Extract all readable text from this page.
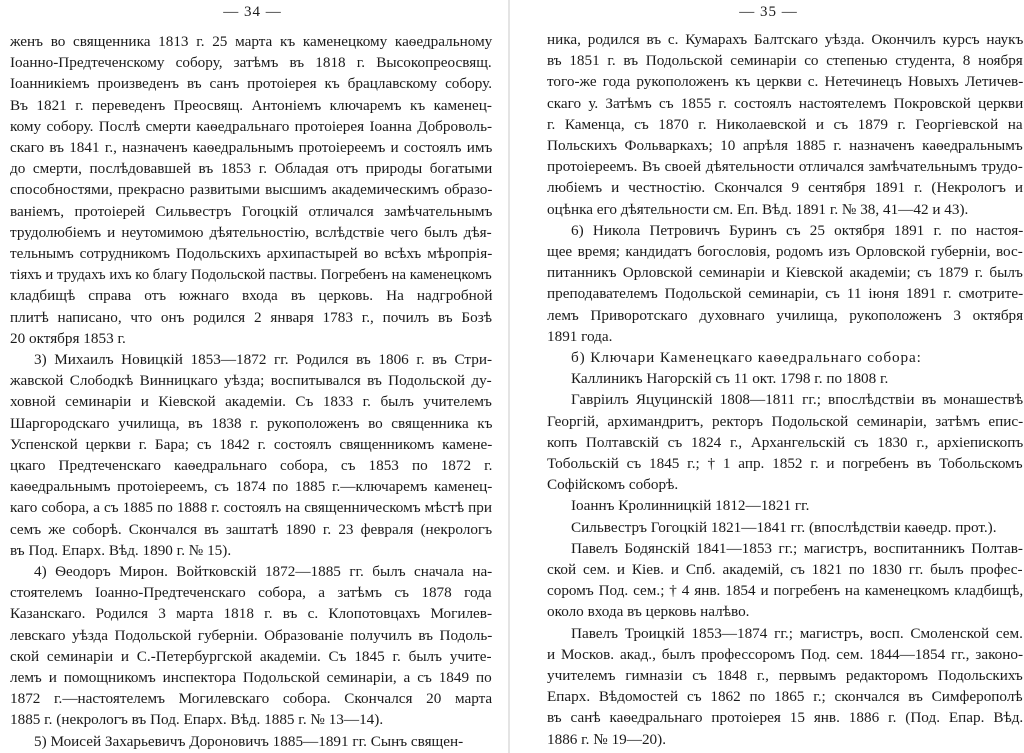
— 34 —
женъ во священника 1813 г. 25 марта къ каменецкому каѳедральному
Іоанно-Предтеченскому собору, затѣмъ въ 1818 г. Высокопреосвящ.
Іоанникіемъ произведенъ въ санъ протоіерея къ брацлавскому собору.
Въ 1821 г. переведенъ Преосвящ. Антоніемъ ключаремъ къ каменец-
кому собору. Послѣ смерти каѳедральнаго протоіерея Іоанна Доброволь-
скаго въ 1841 г., назначенъ каѳедральнымъ протоіереемъ и состоялъ имъ
до смерти, послѣдовавшей въ 1853 г. Обладая отъ природы богатыми
способностями, прекрасно развитыми высшимъ академическимъ образо-
ваніемъ, протоіерей Сильвестръ Гогоцкій отличался замѣчательнымъ
трудолюбіемъ и неутомимою дѣятельностію, вслѣдствіе чего былъ дѣя-
тельнымъ сотрудникомъ Подольскихъ архипастырей во всѣхъ мѣропрія-
тіяхъ и трудахъ ихъ ко благу Подольской паствы. Погребенъ на каменецкомъ
кладбищѣ справа отъ южнаго входа въ церковь. На надгробной
плитѣ написано, что онъ родился 2 января 1783 г., почилъ въ Бозѣ
20 октября 1853 г.
3) Михаилъ Новицкій 1853—1872 гг. Родился въ 1806 г. въ Стри-
жавской Слободкѣ Винницкаго уѣзда; воспитывался въ Подольской ду-
ховной семинаріи и Кіевской академіи. Съ 1833 г. былъ учителемъ
Шаргородскаго училища, въ 1838 г. рукоположенъ во священника къ
Успенской церкви г. Бара; съ 1842 г. состоялъ священникомъ камене-
цкаго Предтеченскаго каѳедральнаго собора, съ 1853 по 1872 г.
каѳедральнымъ протоіереемъ, съ 1874 по 1885 г.—ключаремъ каменец-
каго собора, а съ 1885 по 1888 г. состоялъ на священническомъ мѣстѣ при
семъ же соборѣ. Скончался въ заштатѣ 1890 г. 23 февраля (некрологъ
въ Под. Епарх. Вѣд. 1890 г. № 15).
4) Ѳеодоръ Мирон. Войтковскій 1872—1885 гг. былъ сначала на-
стоятелемъ Іоанно-Предтеченскаго собора, а затѣмъ съ 1878 года
Казанскаго. Родился 3 марта 1818 г. въ с. Клопотовцахъ Могилев-
левскаго уѣзда Подольской губерніи. Образованіе получилъ въ Подоль-
ской семинаріи и С.-Петербургской академіи. Съ 1845 г. былъ учите-
лемъ и помощникомъ инспектора Подольской семинаріи, а съ 1849 по
1872 г.—настоятелемъ Могилевскаго собора. Скончался 20 марта
1885 г. (некрологъ въ Под. Епарх. Вѣд. 1885 г. № 13—14).
5) Моисей Захарьевичъ Дороновичъ 1885—1891 гг. Сынъ священ-
— 35 —
ника, родился въ с. Кумарахъ Балтскаго уѣзда. Окончилъ курсъ наукъ
въ 1851 г. въ Подольской семинаріи со степенью студента, 8 ноября
того-же года рукоположенъ къ церкви с. Нетечинецъ Новыхъ Летичев-
скаго у. Затѣмъ съ 1855 г. состоялъ настоятелемъ Покровской церкви
г. Каменца, съ 1870 г. Николаевской и съ 1879 г. Георгіевской на
Польскихъ Фольваркахъ; 10 апрѣля 1885 г. назначенъ каѳедральнымъ
протоіереемъ. Въ своей дѣятельности отличался замѣчательнымъ трудо-
любіемъ и честностію. Скончался 9 сентября 1891 г. (Некрологъ и
оцѣнка его дѣятельности см. Еп. Вѣд. 1891 г. № 38, 41—42 и 43).
6) Никола Петровичъ Буринъ съ 25 октября 1891 г. по настоя-
щее время; кандидатъ богословія, родомъ изъ Орловской губерніи, вос-
питанникъ Орловской семинаріи и Кіевской академіи; съ 1879 г. былъ
преподавателемъ Подольской семинаріи, съ 11 іюня 1891 г. смотрите-
лемъ Приворотскаго духовнаго училища, рукоположенъ 3 октября
1891 года.
б) Ключари Каменецкаго каѳедральнаго собора:
Каллиникъ Нагорскій съ 11 окт. 1798 г. по 1808 г.
Гавріилъ Яцуцинскій 1808—1811 гг.; впослѣдствіи въ монашествѣ
Георгій, архимандритъ, ректоръ Подольской семинаріи, затѣмъ епис-
копъ Полтавскій съ 1824 г., Архангельскій съ 1830 г., архіепископъ
Тобольскій съ 1845 г.; † 1 апр. 1852 г. и погребенъ въ Тобольскомъ
Софійскомъ соборѣ.
Іоаннъ Кролинницкій 1812—1821 гг.
Сильвестръ Гогоцкій 1821—1841 гг. (впослѣдствіи каѳедр. прот.).
Павелъ Бодянскій 1841—1853 гг.; магистръ, воспитанникъ Полтав-
ской сем. и Кіев. и Спб. академій, съ 1821 по 1830 гг. былъ профес-
соромъ Под. сем.; † 4 янв. 1854 и погребенъ на каменецкомъ кладбищѣ,
около входа въ церковь налѣво.
Павелъ Троицкій 1853—1874 гг.; магистръ, восп. Смоленской сем.
и Москов. акад., былъ профессоромъ Под. сем. 1844—1854 гг., законо-
учителемъ гимназіи съ 1848 г., первымъ редакторомъ Подольскихъ
Епарх. Вѣдомостей съ 1862 по 1865 г.; скончался въ Симферополѣ
въ санѣ каѳедральнаго протоіерея 15 янв. 1886 г. (Под. Епар. Вѣд.
1886 г. № 19—20).
